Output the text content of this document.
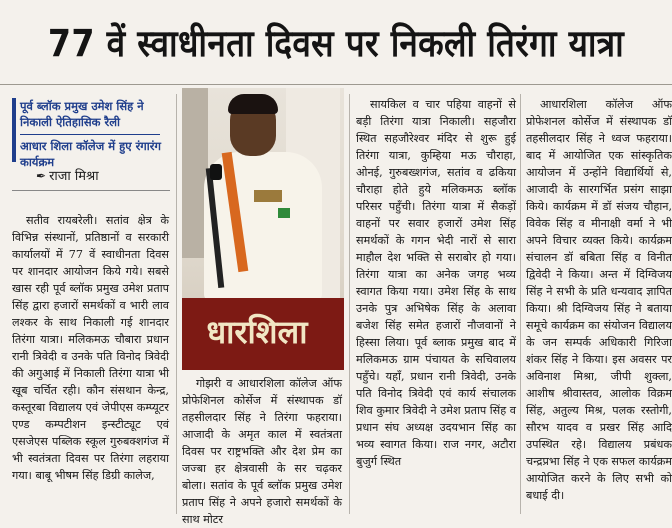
77 वें स्वाधीनता दिवस पर निकली तिरंगा यात्रा
पूर्व ब्लॉक प्रमुख उमेश सिंह ने निकाली ऐतिहासिक रैली
आधार शिला कॉलेज में हुए रंगारंग कार्यक्रम
✒ राजा मिश्रा

सतीव रायबरेली। सतांव क्षेत्र के विभिन्न संस्थानों, प्रतिष्ठानों व सरकारी कार्यालयों में 77 वें स्वाधीनता दिवस पर शानदार आयोजन किये गये। सबसे खास रही पूर्व ब्लॉक प्रमुख उमेश प्रताप सिंह द्वारा हजारों समर्थकों व भारी लाव लश्कर के साथ निकाली गई शानदार तिरंगा यात्रा। मलिकमऊ चौबारा प्रधान रानी त्रिवेदी व उनके पति विनोद त्रिवेदी की अगुआई में निकाली तिरंगा यात्रा भी खूब चर्चित रही। कौन संसथान केन्द्र, कस्तूरबा विद्यालय एवं जेपीएस कम्प्यूटर एण्ड कम्पटीशन इन्स्टीट्यूट एवं एसजेएस पब्लिक स्कूल गुरुबक्शगंज में भी स्वतंत्रता दिवस पर तिरंगा लहराया गया। बाबू भीषम सिंह डिग्री कालेज,

धारशिला

गोझरी व आधारशिला कॉलेज ऑफ प्रोफेशिनल कोर्सेज में संस्थापक डॉ तहसीलदार सिंह ने तिरंगा फहराया। आजादी के अमृत काल में स्वतंत्रता दिवस पर राष्ट्रभक्ति और देश प्रेम का जज्बा हर क्षेत्रवासी के सर चढ़कर बोला। सतांव के पूर्व ब्लॉक प्रमुख उमेश प्रताप सिंह ने अपने हजारो समर्थकों के साथ मोटर

सायकिल व चार पहिया वाहनों से बड़ी तिरंगा यात्रा निकाली। सहजौरा स्थित सहजौरेश्वर मंदिर से शुरू हुई तिरंगा यात्रा, कुम्हिया मऊ चौराहा, ओनई, गुरुबख्शगंज, सतांव व ढकिया चौराहा होते हुये मलिकमऊ ब्लॉक परिसर पहुँची। तिरंगा यात्रा में सैकड़ों वाहनों पर सवार हजारों उमेश सिंह समर्थकों के गगन भेदी नारों से सारा माहौल देश भक्ति से सराबोर हो गया। तिरंगा यात्रा का अनेक जगह भव्य स्वागत किया गया। उमेश सिंह के साथ उनके पुत्र अभिषेक सिंह के अलावा बजेश सिंह समेत हजारों नौजवानों ने हिस्सा लिया। पूर्व ब्लाक प्रमुख बाद में मलिकमऊ ग्राम पंचायत के सचिवालय पहुँचे। यहाँ, प्रधान रानी त्रिवेदी, उनके पति विनोद त्रिवेदी एवं कार्य संचालक शिव कुमार त्रिवेदी ने उमेश प्रताप सिंह व प्रधान संघ अध्यक्ष उदयभान सिंह का भव्य स्वागत किया। राज नगर, अटौरा बुजुर्ग स्थित

आधारशिला कॉलेज ऑफ प्रोफेशनल कोर्सेज में संस्थापक डॉ तहसीलदार सिंह ने ध्वज फहराया। बाद में आयोजित एक सांस्कृतिक आयोजन में उन्होंने विद्यार्थियों से, आजादी के सारगर्भित प्रसंग साझा किये। कार्यक्रम में डॉ संजय चौहान, विवेक सिंह व मीनाक्षी वर्मा ने भी अपने विचार व्यक्त किये। कार्यक्रम संचालन डॉ बबिता सिंह व विनीत द्विवेदी ने किया। अन्त में दिग्विजय सिंह ने सभी के प्रति धन्यवाद ज्ञापित किया। श्री दिग्विजय सिंह ने बताया समूचे कार्यक्रम का संयोजन विद्यालय के जन सम्पर्क अधिकारी गिरिजा शंकर सिंह ने किया। इस अवसर पर अविनाश मिश्रा, जीपी शुक्ला, आशीष श्रीवास्तव, आलोक विक्रम सिंह, अतुल्य मिश्र, पलक रस्तोगी, सौरभ यादव व प्रखर सिंह आदि उपस्थित रहे। विद्यालय प्रबंधक चन्द्रप्रभा सिंह ने एक सफल कार्यक्रम आयोजित करने के लिए सभी को बधाई दी।
